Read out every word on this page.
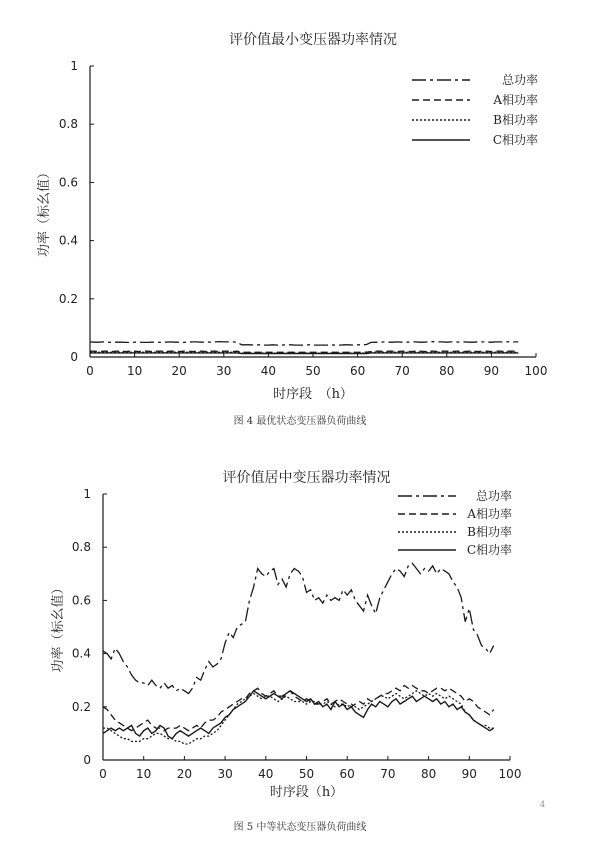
评价值最小变压器功率情况
时序段　（h）
功率（标幺值）
0	10 20 30 40 50 60 70 80 90 100
0
0.2
0.4
0.6
0.8
1
总功率
A相功率
B相功率
C相功率
图 4 最优状态变压器负荷曲线
评价值居中变压器功率情况
时序段（h）
功率（标幺值）
0 10 20 30 40 50 60 70 80 90 100
0
0.2
0.4
0.6
0.8
1	总功率
A相功率
B相功率
C相功率
图 5 中等状态变压器负荷曲线
4
